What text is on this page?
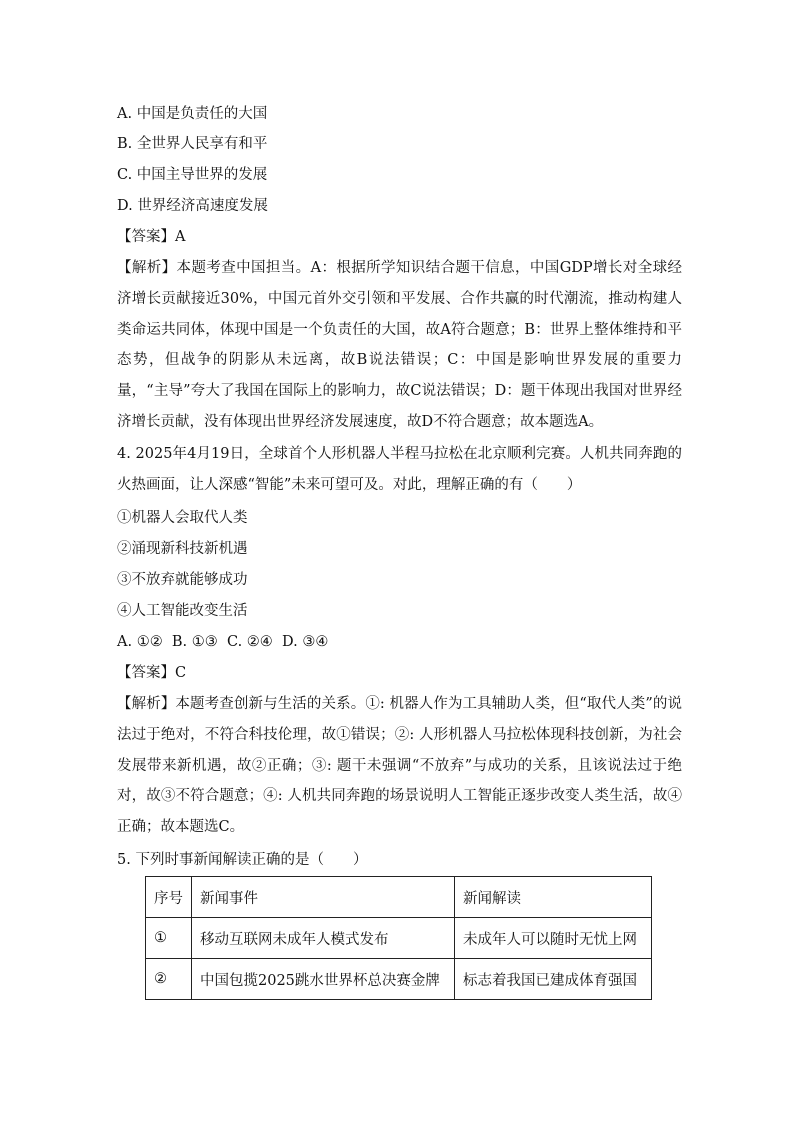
A. 中国是负责任的大国
B. 全世界人民享有和平
C. 中国主导世界的发展
D. 世界经济高速度发展
【答案】A
【解析】本题考查中国担当。A：根据所学知识结合题干信息，中国GDP增长对全球经济增长贡献接近30%，中国元首外交引领和平发展、合作共赢的时代潮流，推动构建人类命运共同体，体现中国是一个负责任的大国，故A符合题意；B：世界上整体维持和平态势，但战争的阴影从未远离，故B说法错误；C：中国是影响世界发展的重要力量，“主导”夸大了我国在国际上的影响力，故C说法错误；D：题干体现出我国对世界经济增长贡献，没有体现出世界经济发展速度，故D不符合题意；故本题选A。
4. 2025年4月19日，全球首个人形机器人半程马拉松在北京顺利完赛。人机共同奔跑的火热画面，让人深感“智能”未来可望可及。对此，理解正确的有（　　）
①机器人会取代人类
②涌现新科技新机遇
③不放弃就能够成功
④人工智能改变生活
A. ①②  B. ①③  C. ②④  D. ③④
【答案】C
【解析】本题考查创新与生活的关系。①: 机器人作为工具辅助人类，但“取代人类”的说法过于绝对，不符合科技伦理，故①错误；②: 人形机器人马拉松体现科技创新，为社会发展带来新机遇，故②正确；③: 题干未强调“不放弃”与成功的关系，且该说法过于绝对，故③不符合题意；④: 人机共同奔跑的场景说明人工智能正逐步改变人类生活，故④正确；故本题选C。
5. 下列时事新闻解读正确的是（　　）
序号	新闻事件	新闻解读
①	移动互联网未成年人模式发布	未成年人可以随时无忧上网
②	中国包揽2025跳水世界杯总决赛金牌	标志着我国已建成体育强国
